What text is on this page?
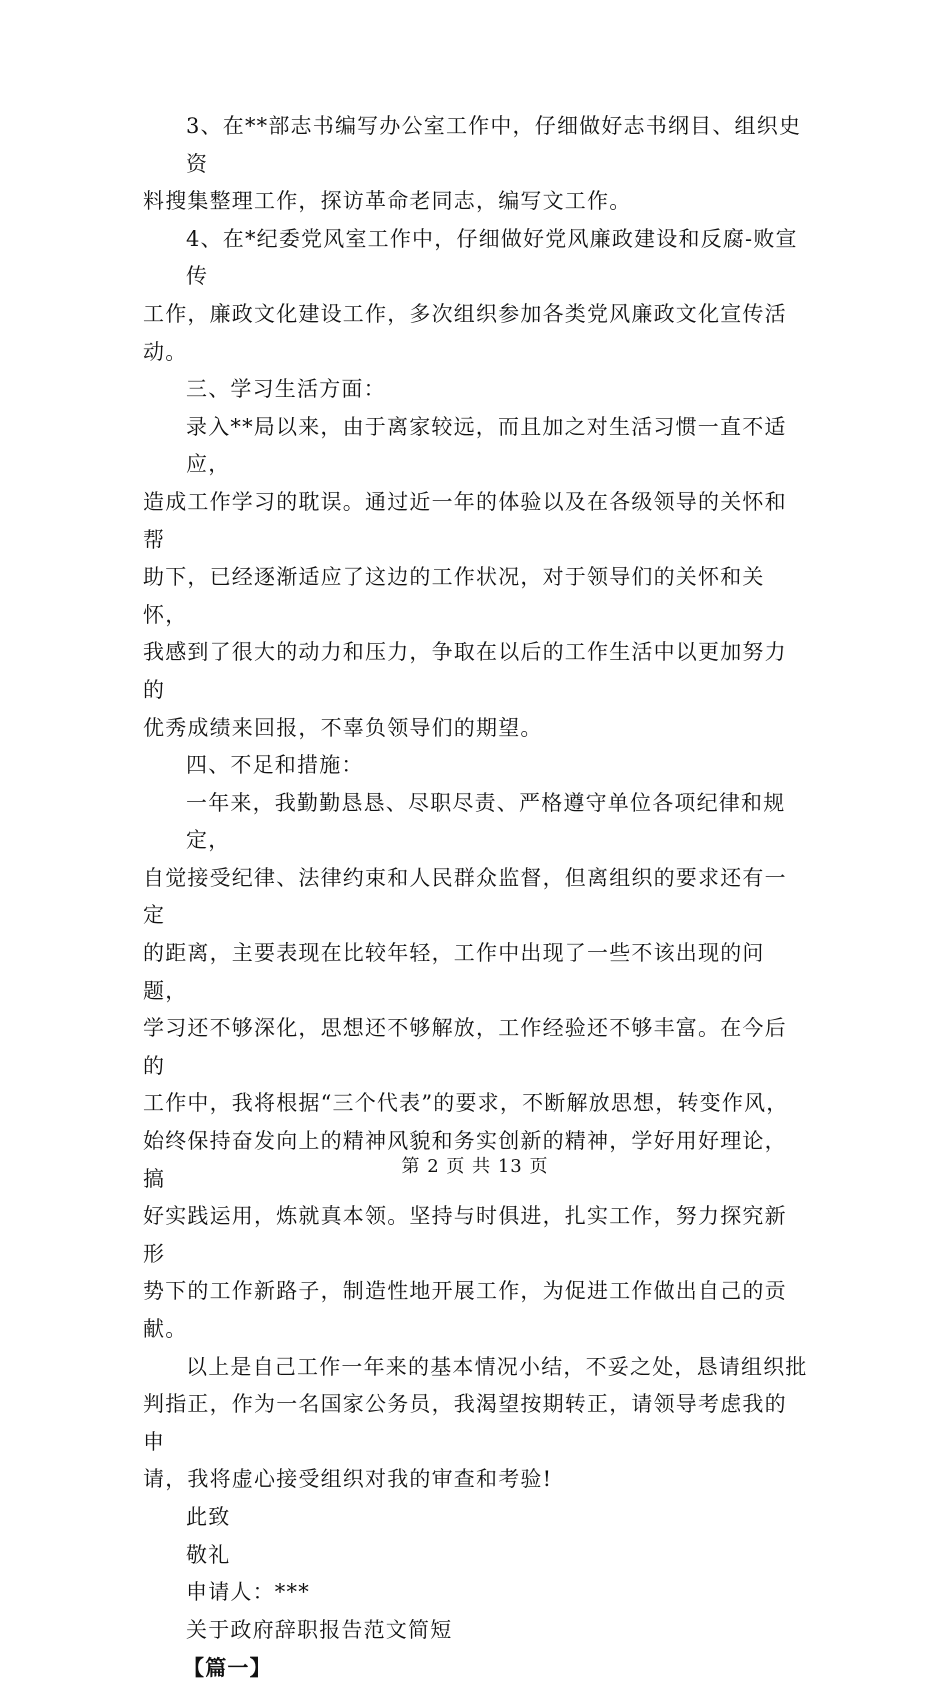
3、在**部志书编写办公室工作中，仔细做好志书纲目、组织史资

料搜集整理工作，探访革命老同志，编写文工作。

4、在*纪委党风室工作中，仔细做好党风廉政建设和反腐-败宣传

工作，廉政文化建设工作，多次组织参加各类党风廉政文化宣传活动。

三、学习生活方面：

录入**局以来，由于离家较远，而且加之对生活习惯一直不适应，

造成工作学习的耽误。通过近一年的体验以及在各级领导的关怀和帮

助下，已经逐渐适应了这边的工作状况，对于领导们的关怀和关怀，

我感到了很大的动力和压力，争取在以后的工作生活中以更加努力的

优秀成绩来回报，不辜负领导们的期望。

四、不足和措施：

一年来，我勤勤恳恳、尽职尽责、严格遵守单位各项纪律和规定，

自觉接受纪律、法律约束和人民群众监督，但离组织的要求还有一定

的距离，主要表现在比较年轻，工作中出现了一些不该出现的问题，

学习还不够深化，思想还不够解放，工作经验还不够丰富。在今后的

工作中，我将根据“三个代表”的要求，不断解放思想，转变作风，

始终保持奋发向上的精神风貌和务实创新的精神，学好用好理论，搞

好实践运用，炼就真本领。坚持与时俱进，扎实工作，努力探究新形

势下的工作新路子，制造性地开展工作，为促进工作做出自己的贡献。

以上是自己工作一年来的基本情况小结，不妥之处，恳请组织批

判指正，作为一名国家公务员，我渴望按期转正，请领导考虑我的申

请，我将虚心接受组织对我的审查和考验!

此致

敬礼

申请人：***

关于政府辞职报告范文简短

【篇一】

第 2 页 共 13 页
